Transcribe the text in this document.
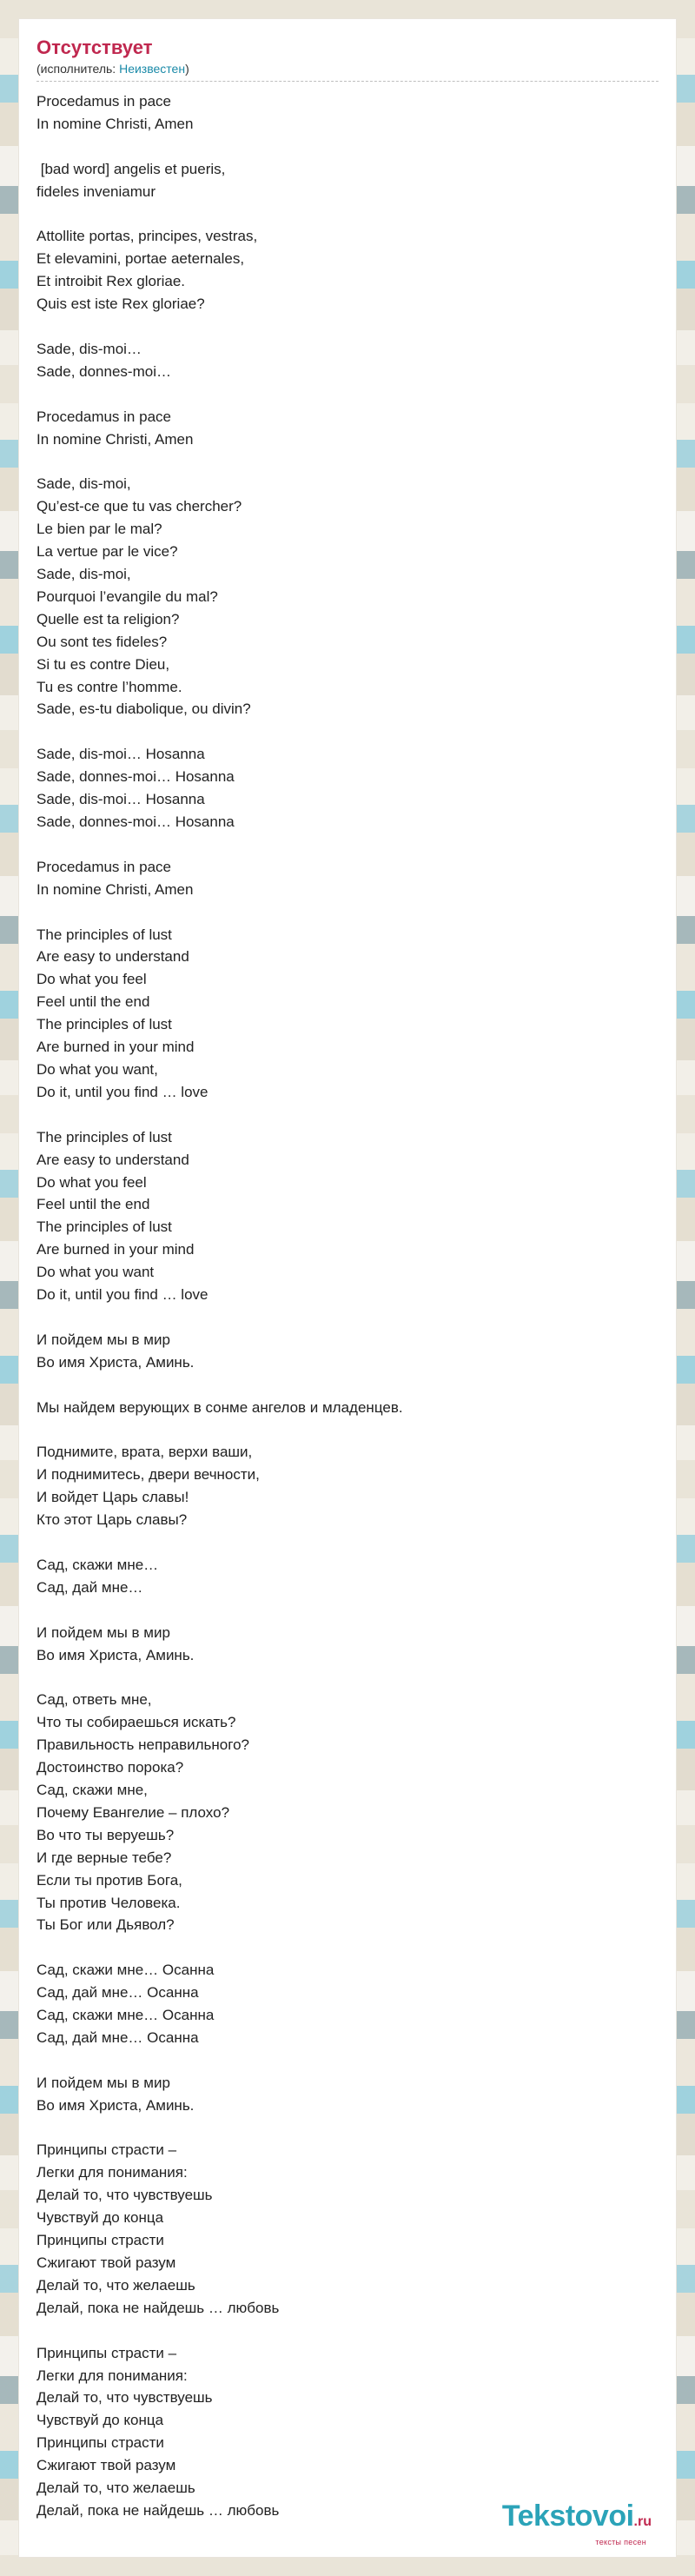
Отсутствует
(исполнитель: Неизвестен)
Procedamus in pace
In nomine Christi, Amen

[bad word] angelis et pueris,
fideles inveniamur

Attollite portas, principes, vestras,
Et elevamini, portae aeternales,
Et introibit Rex gloriae.
Quis est iste Rex gloriae?

Sade, dis-moi…
Sade, donnes-moi…

Procedamus in pace
In nomine Christi, Amen

Sade, dis-moi,
Qu’est-ce que tu vas chercher?
Le bien par le mal?
La vertue par le vice?
Sade, dis-moi,
Pourquoi l’evangile du mal?
Quelle est ta religion?
Ou sont tes fideles?
Si tu es contre Dieu,
Tu es contre l’homme.
Sade, es-tu diabolique, ou divin?

Sade, dis-moi… Hosanna
Sade, donnes-moi… Hosanna
Sade, dis-moi… Hosanna
Sade, donnes-moi… Hosanna

Procedamus in pace
In nomine Christi, Amen

The principles of lust
Are easy to understand
Do what you feel
Feel until the end
The principles of lust
Are burned in your mind
Do what you want,
Do it, until you find … love

The principles of lust
Are easy to understand
Do what you feel
Feel until the end
The principles of lust
Are burned in your mind
Do what you want
Do it, until you find … love

И пойдем мы в мир
Во имя Христа, Аминь.

Мы найдем верующих в сонме ангелов и младенцев.

Поднимите, врата, верхи ваши,
И поднимитесь, двери вечности,
И войдет Царь славы!
Кто этот Царь славы?

Сад, скажи мне…
Сад, дай мне…

И пойдем мы в мир
Во имя Христа, Аминь.

Сад, ответь мне,
Что ты собираешься искать?
Правильность неправильного?
Достоинство порока?
Сад, скажи мне,
Почему Евангелие – плохо?
Во что ты веруешь?
И где верные тебе?
Если ты против Бога,
Ты против Человека.
Ты Бог или Дьявол?

Сад, скажи мне… Осанна
Сад, дай мне… Осанна
Сад, скажи мне… Осанна
Сад, дай мне… Осанна

И пойдем мы в мир
Во имя Христа, Аминь.

Принципы страсти –
Легки для понимания:
Делай то, что чувствуешь
Чувствуй до конца
Принципы страсти
Сжигают твой разум
Делай то, что желаешь
Делай, пока не найдешь … любовь

Принципы страсти –
Легки для понимания:
Делай то, что чувствуешь
Чувствуй до конца
Принципы страсти
Сжигают твой разум
Делай то, что желаешь
Делай, пока не найдешь … любовь	Tekstovoi.ru
тексты песен
